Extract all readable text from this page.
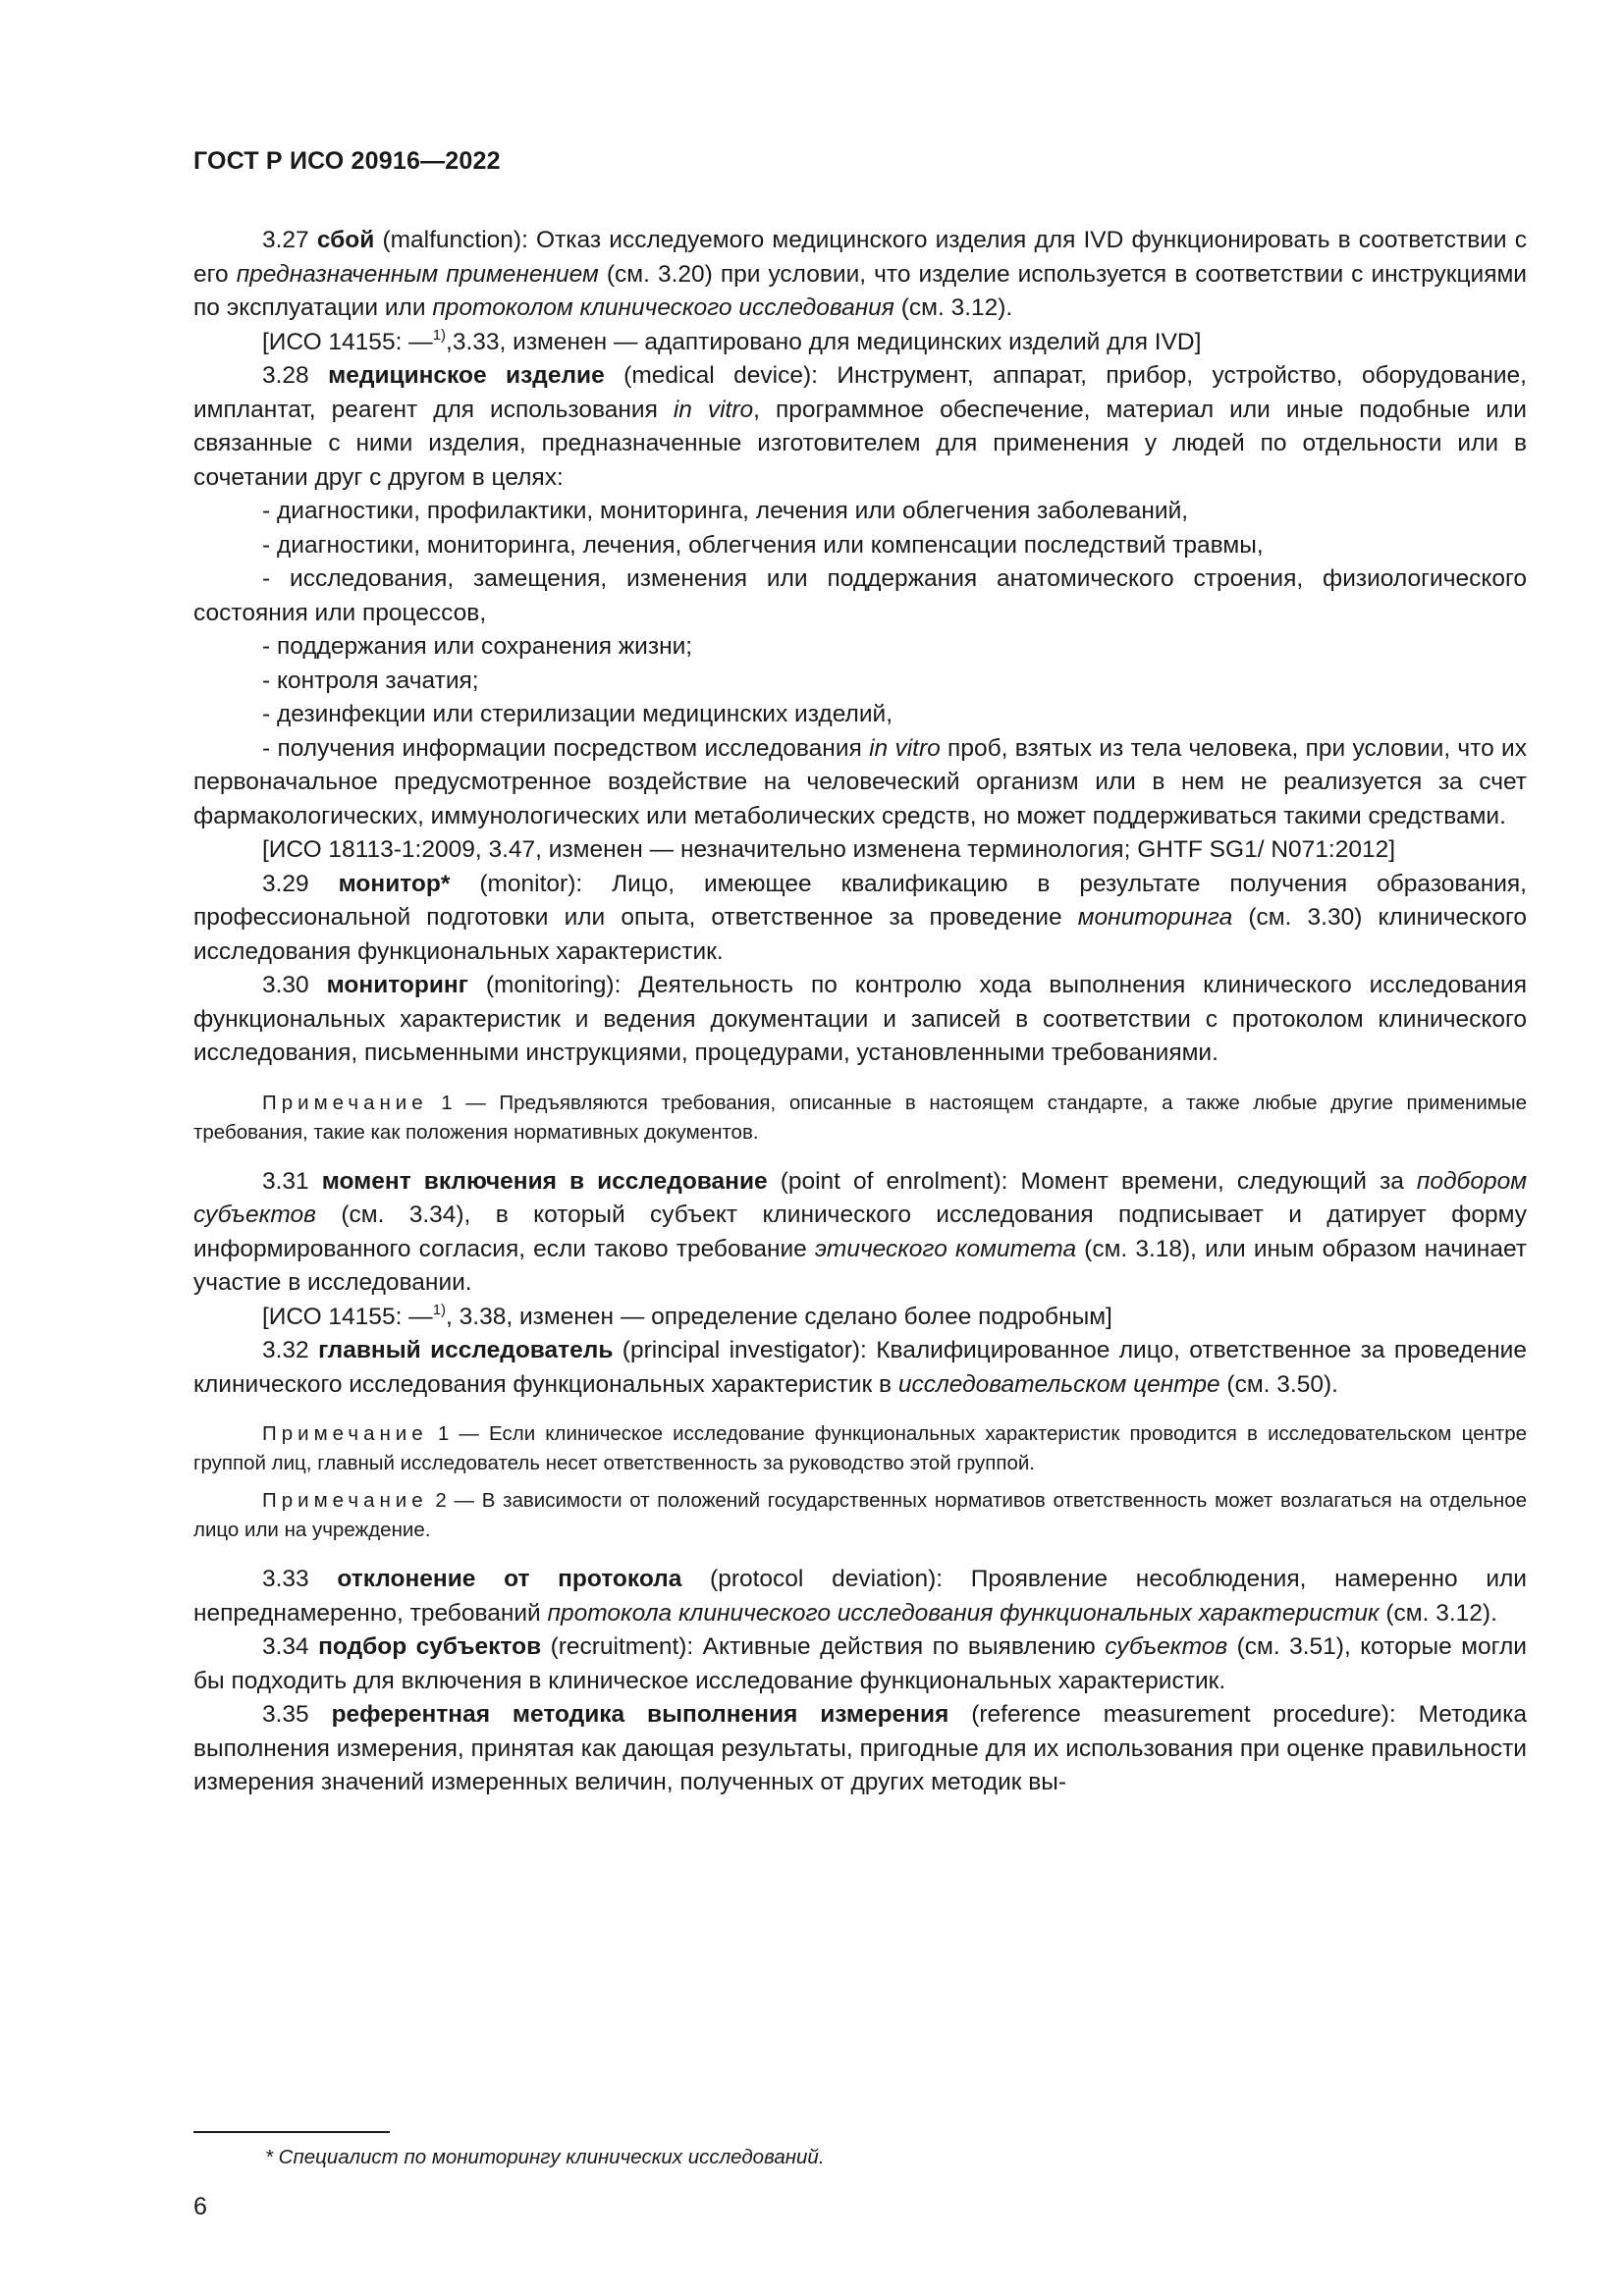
ГОСТ Р ИСО 20916—2022

3.27 сбой (malfunction): Отказ исследуемого медицинского изделия для IVD функционировать в соответствии с его предназначенным применением (см. 3.20) при условии, что изделие используется в соответствии с инструкциями по эксплуатации или протоколом клинического исследования (см. 3.12).

[ИСО 14155: —$^{1)}$,3.33, изменен — адаптировано для медицинских изделий для IVD]

3.28 медицинское изделие (medical device): Инструмент, аппарат, прибор, устройство, оборудование, имплантат, реагент для использования in vitro, программное обеспечение, материал или иные подобные или связанные с ними изделия, предназначенные изготовителем для применения у людей по отдельности или в сочетании друг с другом в целях:

- диагностики, профилактики, мониторинга, лечения или облегчения заболеваний,

- диагностики, мониторинга, лечения, облегчения или компенсации последствий травмы,

- исследования, замещения, изменения или поддержания анатомического строения, физиологического состояния или процессов,

- поддержания или сохранения жизни;

- контроля зачатия;

- дезинфекции или стерилизации медицинских изделий,

- получения информации посредством исследования in vitro проб, взятых из тела человека, при условии, что их первоначальное предусмотренное воздействие на человеческий организм или в нем не реализуется за счет фармакологических, иммунологических или метаболических средств, но может поддерживаться такими средствами.

[ИСО 18113-1:2009, 3.47, изменен — незначительно изменена терминология; GHTF SG1/ N071:2012]

3.29 монитор* (monitor): Лицо, имеющее квалификацию в результате получения образования, профессиональной подготовки или опыта, ответственное за проведение мониторинга (см. 3.30) клинического исследования функциональных характеристик.

3.30 мониторинг (monitoring): Деятельность по контролю хода выполнения клинического исследования функциональных характеристик и ведения документации и записей в соответствии с протоколом клинического исследования, письменными инструкциями, процедурами, установленными требованиями.

Примечание 1 — Предъявляются требования, описанные в настоящем стандарте, а также любые другие применимые требования, такие как положения нормативных документов.

3.31 момент включения в исследование (point of enrolment): Момент времени, следующий за подбором субъектов (см. 3.34), в который субъект клинического исследования подписывает и датирует форму информированного согласия, если таково требование этического комитета (см. 3.18), или иным образом начинает участие в исследовании.

[ИСО 14155: —$^{1)}$, 3.38, изменен — определение сделано более подробным]

3.32 главный исследователь (principal investigator): Квалифицированное лицо, ответственное за проведение клинического исследования функциональных характеристик в исследовательском центре (см. 3.50).

Примечание 1 — Если клиническое исследование функциональных характеристик проводится в исследовательском центре группой лиц, главный исследователь несет ответственность за руководство этой группой.

Примечание 2 — В зависимости от положений государственных нормативов ответственность может возлагаться на отдельное лицо или на учреждение.

3.33 отклонение от протокола (protocol deviation): Проявление несоблюдения, намеренно или непреднамеренно, требований протокола клинического исследования функциональных характеристик (см. 3.12).

3.34 подбор субъектов (recruitment): Активные действия по выявлению субъектов (см. 3.51), которые могли бы подходить для включения в клиническое исследование функциональных характеристик.

3.35 референтная методика выполнения измерения (reference measurement procedure): Методика выполнения измерения, принятая как дающая результаты, пригодные для их использования при оценке правильности измерения значений измеренных величин, полученных от других методик вы-

* Специалист по мониторингу клинических исследований.
6
